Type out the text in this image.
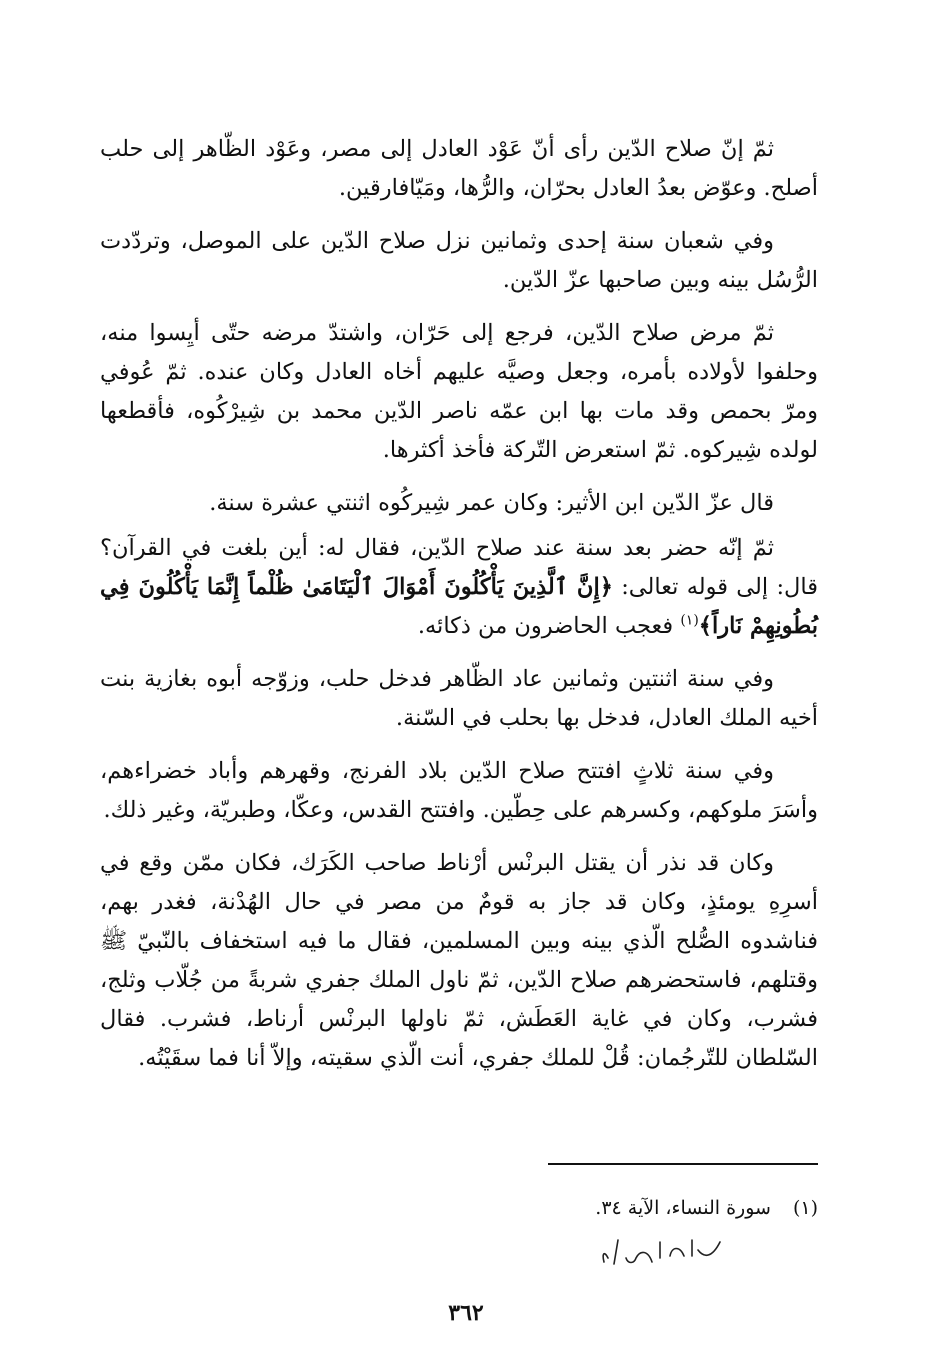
ثمّ إنّ صلاح الدّين رأى أنّ عَوْد العادل إلى مصر، وعَوْد الظّاهر إلى حلب أصلح. وعوّض بعدُ العادل بحرّان، والرُّها، ومَيّافارقين.

وفي شعبان سنة إحدى وثمانين نزل صلاح الدّين على الموصل، وتردّدت الرُّسُل بينه وبين صاحبها عزّ الدّين.

ثمّ مرض صلاح الدّين، فرجع إلى حَرّان، واشتدّ مرضه حتّى أيِسوا منه، وحلفوا لأولاده بأمره، وجعل وصيَّه عليهم أخاه العادل وكان عنده. ثمّ عُوفي ومرّ بحمص وقد مات بها ابن عمّه ناصر الدّين محمد بن شِيرْكُوه، فأقطعها لولده شِيركوه. ثمّ استعرض التّركة فأخذ أكثرها.

قال عزّ الدّين ابن الأثير: وكان عمر شِيركُوه اثنتي عشرة سنة.

ثمّ إنّه حضر بعد سنة عند صلاح الدّين، فقال له: أين بلغت في القرآن؟ قال: إلى قوله تعالى: ﴿إِنَّ ٱلَّذِينَ يَأْكُلُونَ أَمْوَالَ ٱلْيَتَامَىٰ ظُلْماً إِنَّمَا يَأْكُلُونَ فِي بُطُونِهِمْ نَاراً﴾$^{(١)}$ فعجب الحاضرون من ذكائه.

وفي سنة اثنتين وثمانين عاد الظّاهر فدخل حلب، وزوّجه أبوه بغازية بنت أخيه الملك العادل، فدخل بها بحلب في السّنة.

وفي سنة ثلاثٍ افتتح صلاح الدّين بلاد الفرنج، وقهرهم وأباد خضراءهم، وأسَرَ ملوكهم، وكسرهم على حِطّين. وافتتح القدس، وعكّا، وطبريّة، وغير ذلك.

وكان قد نذر أن يقتل البرنْس أرْناط صاحب الكَرَك، فكان ممّن وقع في أسرِهِ يومئذٍ، وكان قد جاز به قومٌ من مصر في حال الهُدْنة، فغدر بهم، فناشدوه الصُّلح الّذي بينه وبين المسلمين، فقال ما فيه استخفاف بالنّبيّ ﷺ وقتلهم، فاستحضرهم صلاح الدّين، ثمّ ناول الملك جفري شربةً من جُلّاب وثلج، فشرب، وكان في غاية العَطَش، ثمّ ناولها البرنْس أرناط، فشرب. فقال السّلطان للتّرجُمان: قُلْ للملك جفري، أنت الّذي سقيته، وإلاّ أنا فما سقَيْتُه.

(١)سورة النساء، الآية ٣٤.
٣٦٢
